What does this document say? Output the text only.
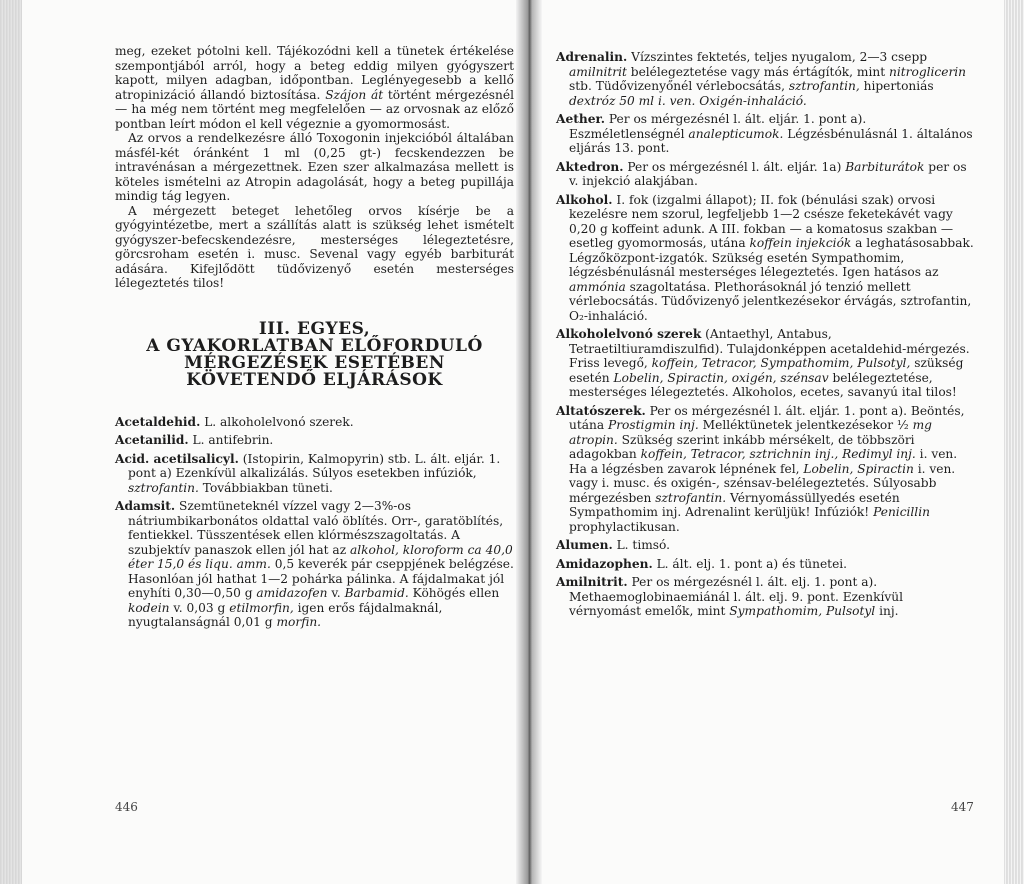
meg, ezeket pótolni kell. Tájékozódni kell a tünetek értékelése szempontjából arról, hogy a beteg eddig milyen gyógyszert kapott, milyen adagban, időpontban. Leglényegesebb a kellő atropinizáció állandó biztosítása. Szájon át történt mérgezésnél — ha még nem történt meg megfelelően — az orvosnak az előző pontban leírt módon el kell végeznie a gyomormosást.

Az orvos a rendelkezésre álló Toxogonin injekcióból általában másfél-két óránként 1 ml (0,25 gt-) fecskendezzen be intravénásan a mérgezettnek. Ezen szer alkalmazása mellett is köteles ismételni az Atropin adagolását, hogy a beteg pupillája mindig tág legyen.

A mérgezett beteget lehetőleg orvos kísérje be a gyógyintézetbe, mert a szállítás alatt is szükség lehet ismételt gyógyszer-befecskendezésre, mesterséges lélegeztetésre, görcsroham esetén i. musc. Sevenal vagy egyéb barbiturát adására. Kifejlődött tüdővizenyő esetén mesterséges lélegeztetés tilos!

III. EGYES,
A GYAKORLATBAN ELŐFORDULÓ
MÉRGEZÉSEK ESETÉBEN
KÖVETENDŐ ELJÁRÁSOK

Acetaldehid. L. alkoholelvonó szerek.

Acetanilid. L. antifebrin.

Acid. acetilsalicyl. (Istopirin, Kalmopyrin) stb. L. ált. eljár. 1. pont a) Ezenkívül alkalizálás. Súlyos esetekben infúziók, sztrofantin. Továbbiakban tüneti.

Adamsit. Szemtüneteknél vízzel vagy 2—3%-os nátriumbikarbonátos oldattal való öblítés. Orr-, garatöblítés, fentiekkel. Tüsszentések ellen klórmészszagoltatás. A szubjektív panaszok ellen jól hat az alkohol, kloroform ca 40,0 éter 15,0 és liqu. amm. 0,5 keverék pár cseppjének belégzése. Hasonlóan jól hathat 1—2 pohárka pálinka. A fájdalmakat jól enyhíti 0,30—0,50 g amidazofen v. Barbamid. Köhögés ellen kodein v. 0,03 g etilmorfin, igen erős fájdalmaknál, nyugtalanságnál 0,01 g morfin.

446

Adrenalin. Vízszintes fektetés, teljes nyugalom, 2—3 csepp amilnitrit belélegeztetése vagy más értágítók, mint nitroglicerin stb. Tüdővizenyőnél vérlebocsátás, sztrofantin, hipertoniás dextróz 50 ml i. ven. Oxigén-inhaláció.

Aether. Per os mérgezésnél l. ált. eljár. 1. pont a). Eszméletlenségnél analepticumok. Légzésbénulásnál 1. általános eljárás 13. pont.

Aktedron. Per os mérgezésnél l. ált. eljár. 1a) Barbiturátok per os v. injekció alakjában.

Alkohol. I. fok (izgalmi állapot); II. fok (bénulási szak) orvosi kezelésre nem szorul, legfeljebb 1—2 csésze feketekávét vagy 0,20 g koffeint adunk. A III. fokban — a komatosus szakban — esetleg gyomormosás, utána koffein injekciók a leghatásosabbak. Légzőközpont-izgatók. Szükség esetén Sympathomim, légzésbénulásnál mesterséges lélegeztetés. Igen hatásos az ammónia szagoltatása. Plethorásoknál jó tenzió mellett vérlebocsátás. Tüdővizenyő jelentkezésekor érvágás, sztrofantin, O₂-inhaláció.

Alkoholelvonó szerek (Antaethyl, Antabus, Tetraetiltiuramdiszulfid). Tulajdonképpen acetaldehid-mérgezés. Friss levegő, koffein, Tetracor, Sympathomim, Pulsotyl, szükség esetén Lobelin, Spiractin, oxigén, szénsav belélegeztetése, mesterséges lélegeztetés. Alkoholos, ecetes, savanyú ital tilos!

Altatószerek. Per os mérgezésnél l. ált. eljár. 1. pont a). Beöntés, utána Prostigmin inj. Melléktünetek jelentkezésekor ½ mg atropin. Szükség szerint inkább mérsékelt, de többszöri adagokban koffein, Tetracor, sztrichnin inj., Redimyl inj. i. ven. Ha a légzésben zavarok lépnének fel, Lobelin, Spiractin i. ven. vagy i. musc. és oxigén-, szénsav-belélegeztetés. Súlyosabb mérgezésben sztrofantin. Vérnyomássüllyedés esetén Sympathomim inj. Adrenalint kerüljük! Infúziók! Penicillin prophylactikusan.

Alumen. L. timsó.

Amidazophen. L. ált. elj. 1. pont a) és tünetei.

Amilnitrit. Per os mérgezésnél l. ált. elj. 1. pont a). Methaemoglobinaemiánál l. ált. elj. 9. pont. Ezenkívül vérnyomást emelők, mint Sympathomim, Pulsotyl inj.

447
